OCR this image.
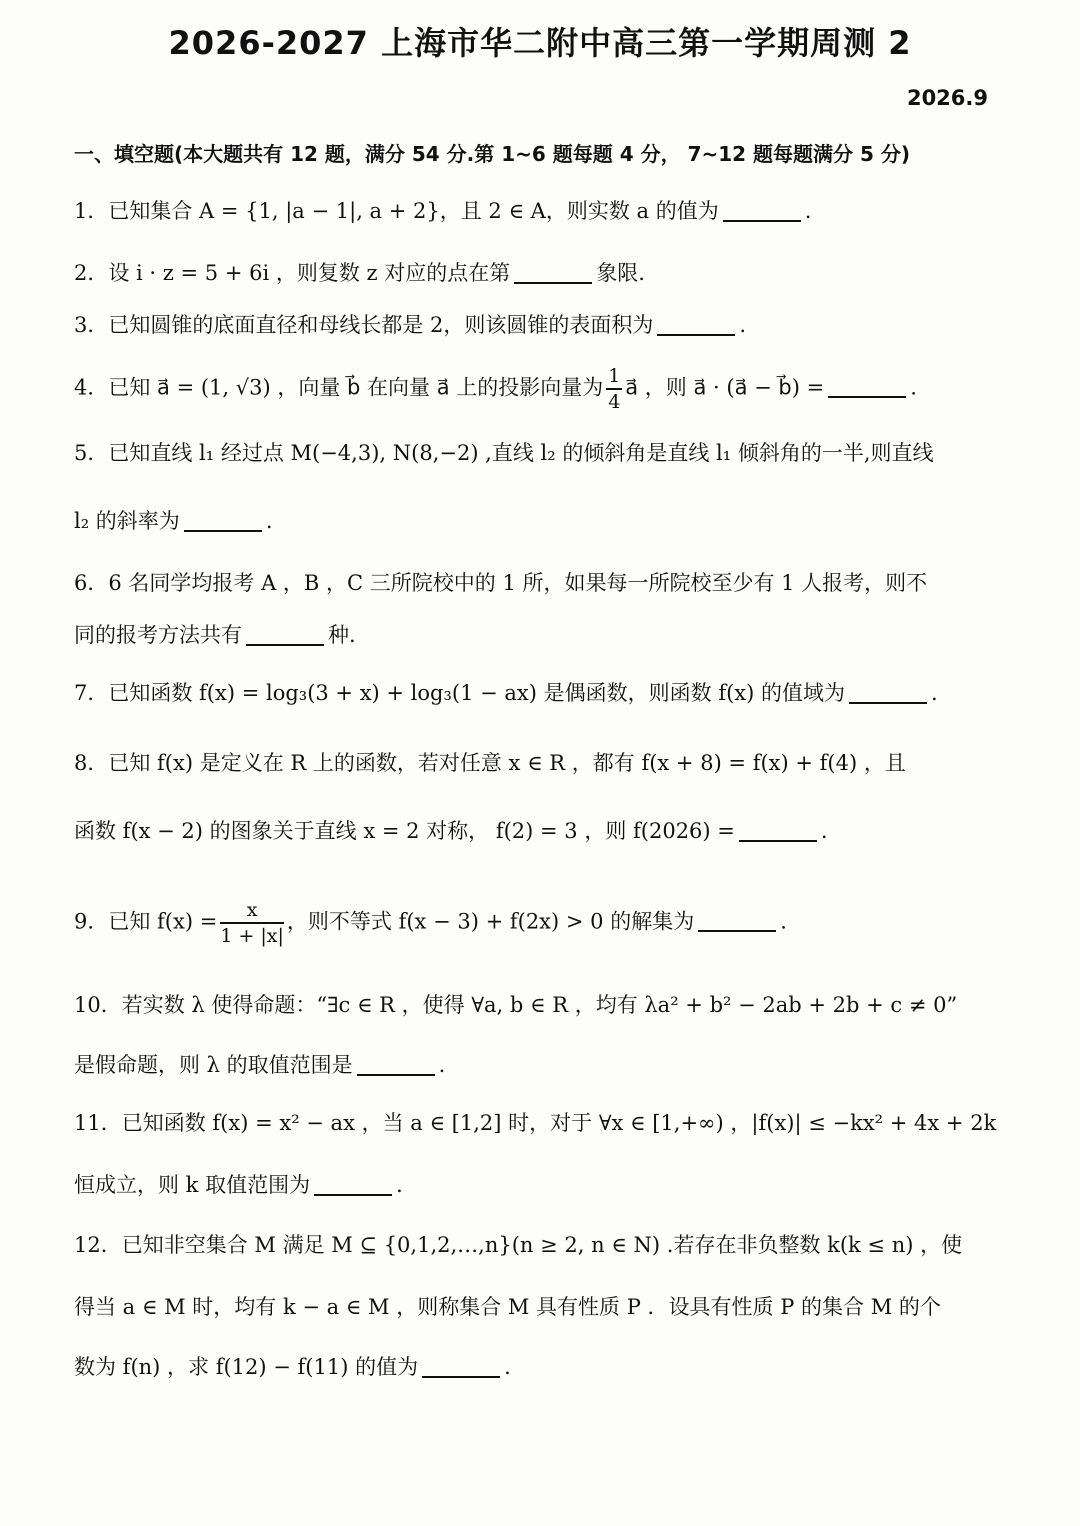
2026-2027 上海市华二附中高三第一学期周测 2
2026.9
一、填空题(本大题共有 12 题，满分 54 分.第 1~6 题每题 4 分， 7~12 题每题满分 5 分)
1．已知集合 A = {1, |a − 1|, a + 2}，且 2 ∈ A，则实数 a 的值为	.
2．设 i · z = 5 + 6i ，则复数 z 对应的点在第	象限.
3．已知圆锥的底面直径和母线长都是 2，则该圆锥的表面积为	.
4．已知 a⃗ = (1, √3) ，向量 b⃗ 在向量 a⃗ 上的投影向量为 $\frac{1}{4}$ a⃗ ，则 a⃗ · (a⃗ − b⃗) =	.
5．已知直线 l₁ 经过点 M(−4,3), N(8,−2) ,直线 l₂ 的倾斜角是直线 l₁ 倾斜角的一半,则直线
l₂ 的斜率为	.
6．6 名同学均报考 A ，B ，C 三所院校中的 1 所，如果每一所院校至少有 1 人报考，则不
同的报考方法共有	种.
7．已知函数 f(x) = log₃(3 + x) + log₃(1 − ax) 是偶函数，则函数 f(x) 的值域为	.
8．已知 f(x) 是定义在 R 上的函数，若对任意 x ∈ R ，都有 f(x + 8) = f(x) + f(4) ，且
函数 f(x − 2) 的图象关于直线 x = 2 对称， f(2) = 3 ，则 f(2026) =	.
9．已知 $f(x) = \frac{x}{1 + |x|}$ ，则不等式 f(x − 3) + f(2x) > 0 的解集为	.
10．若实数 λ 使得命题：“∃c ∈ R ，使得 ∀a, b ∈ R ，均有 λa² + b² − 2ab + 2b + c ≠ 0”
是假命题，则 λ 的取值范围是	.
11．已知函数 f(x) = x² − ax ，当 a ∈ [1,2] 时，对于 ∀x ∈ [1,+∞) ，|f(x)| ≤ −kx² + 4x + 2k
恒成立，则 k 取值范围为	.
12．已知非空集合 M 满足 M ⊆ {0,1,2,…,n}(n ≥ 2, n ∈ N) .若存在非负整数 k(k ≤ n) ，使
得当 a ∈ M 时，均有 k − a ∈ M ，则称集合 M 具有性质 P ．设具有性质 P 的集合 M 的个
数为 f(n) ，求 f(12) − f(11) 的值为	.
